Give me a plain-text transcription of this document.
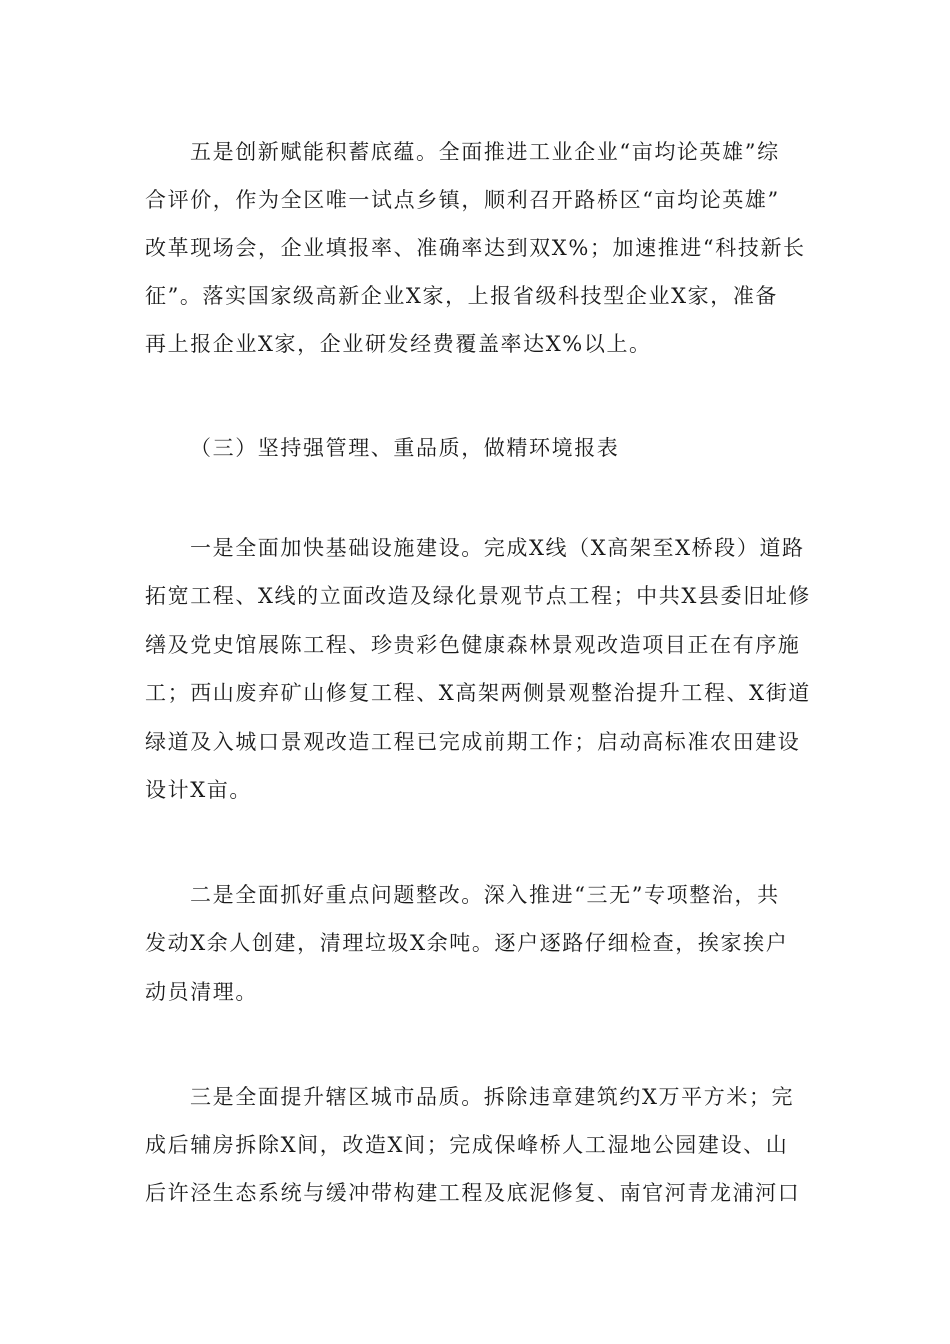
五是创新赋能积蓄底蕴。全面推进工业企业“亩均论英雄”综
合评价，作为全区唯一试点乡镇，顺利召开路桥区“亩均论英雄”
改革现场会，企业填报率、准确率达到双X%；加速推进“科技新长
征”。落实国家级高新企业X家，上报省级科技型企业X家，准备
再上报企业X家，企业研发经费覆盖率达X%以上。
（三）坚持强管理、重品质，做精环境报表
一是全面加快基础设施建设。完成X线（X高架至X桥段）道路
拓宽工程、X线的立面改造及绿化景观节点工程；中共X县委旧址修
缮及党史馆展陈工程、珍贵彩色健康森林景观改造项目正在有序施
工；西山废弃矿山修复工程、X高架两侧景观整治提升工程、X街道
绿道及入城口景观改造工程已完成前期工作；启动高标准农田建设
设计X亩。
二是全面抓好重点问题整改。深入推进“三无”专项整治，共
发动X余人创建，清理垃圾X余吨。逐户逐路仔细检查，挨家挨户
动员清理。
三是全面提升辖区城市品质。拆除违章建筑约X万平方米；完
成后辅房拆除X间，改造X间；完成保峰桥人工湿地公园建设、山
后许泾生态系统与缓冲带构建工程及底泥修复、南官河青龙浦河口
